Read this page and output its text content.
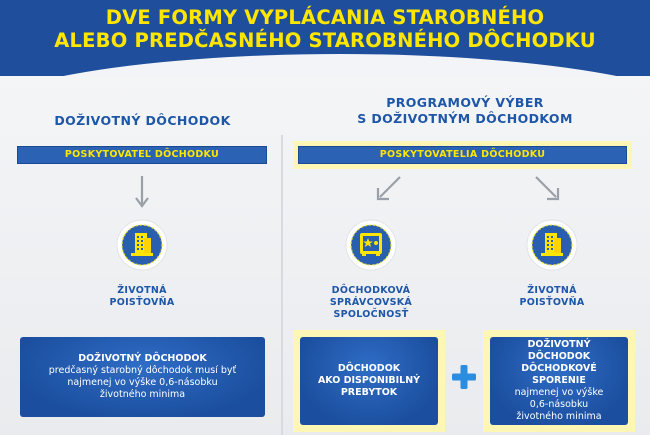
DVE FORMY VYPLÁCANIA STAROBNÉHO
ALEBO PREDČASNÉHO STAROBNÉHO DÔCHODKU
DOŽIVOTNÝ DÔCHODOK
POSKYTOVATEĽ DÔCHODKU
ŽIVOTNÁ
POISŤOVŇA
DOŽIVOTNÝ DÔCHODOK
predčasný starobný dôchodok musí byť
najmenej vo výške 0,6-násobku
životného minima
PROGRAMOVÝ VÝBER
S DOŽIVOTNÝM DÔCHODKOM
POSKYTOVATELIA DÔCHODKU
DÔCHODKOVÁ
SPRÁVCOVSKÁ
SPOLOČNOSŤ
ŽIVOTNÁ
POISŤOVŇA
DÔCHODOK
AKO DISPONIBILNÝ
PREBYTOK
DOŽIVOTNÝ DÔCHODOK
DÔCHODKOVÉ SPORENIE
najmenej vo výške
0,6-násobku
životného minima
